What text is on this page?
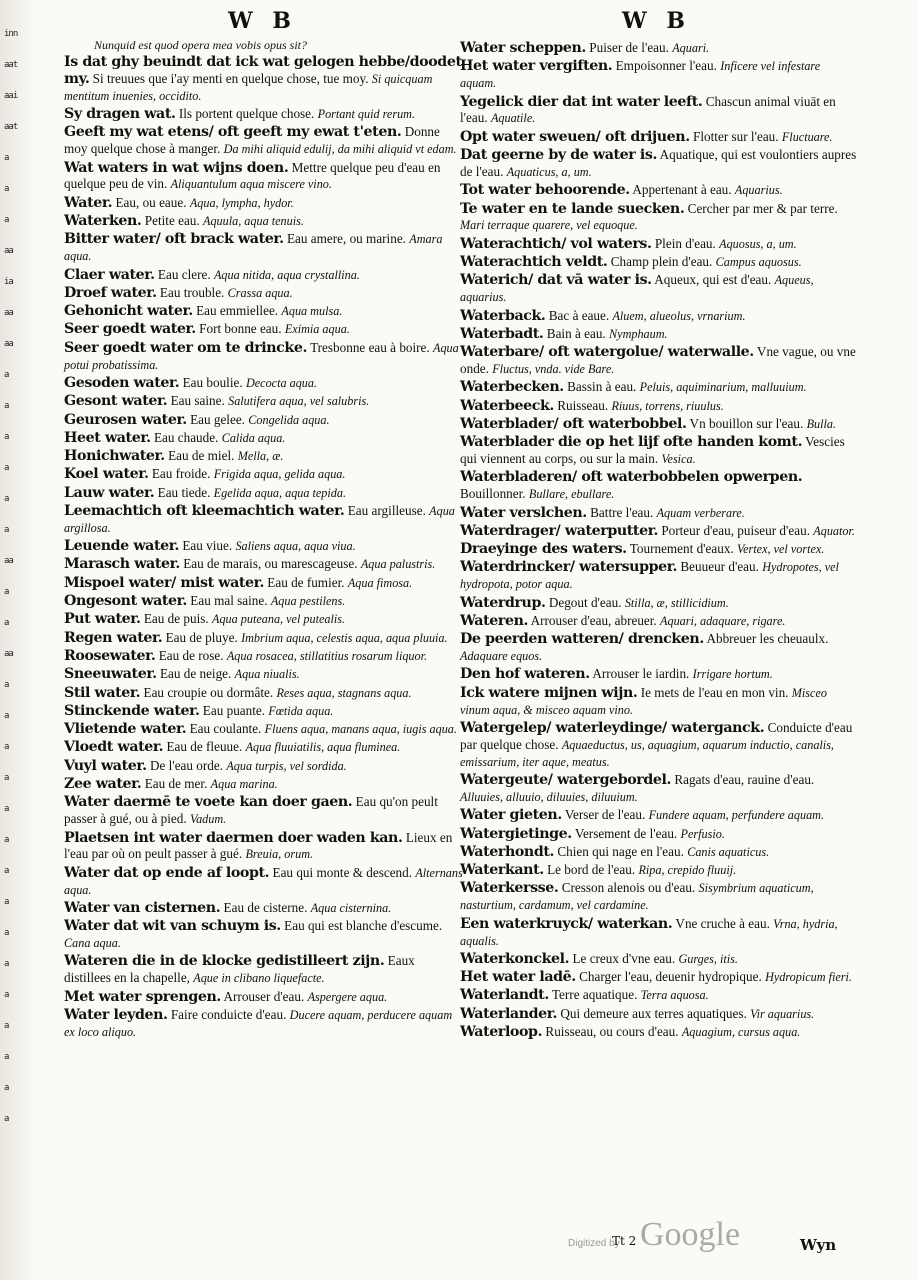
inn
aat
aai
aat
a
a
a
aa
ia
aa
aa
a
a
a
a
a
a
aa
a
a
aa
a
a
a
a
a
a
a
a
a
a
a
a
a
a
a
W B	W B
Nunquid est quod opera mea vobis opus sit?

Is dat ghy beuindt dat ick wat gelogen hebbe/doodet my. Si treuues que i'ay menti en quelque chose, tue moy. Si quicquam mentitum inuenies, occidito.

Sy dragen wat. Ils portent quelque chose. Portant quid rerum.

Geeft my wat etens/ oft geeft my ewat t'eten. Donne moy quelque chose à manger. Da mihi aliquid edulij, da mihi aliquid vt edam.

Wat waters in wat wijns doen. Mettre quelque peu d'eau en quelque peu de vin. Aliquantulum aqua miscere vino.

Water. Eau, ou eaue. Aqua, lympha, hydor.

Waterken. Petite eau. Aquula, aqua tenuis.

Bitter water/ oft brack water. Eau amere, ou marine. Amara aqua.

Claer water. Eau clere. Aqua nitida, aqua crystallina.

Droef water. Eau trouble. Crassa aqua.

Gehonicht water. Eau emmiellee. Aqua mulsa.

Seer goedt water. Fort bonne eau. Eximia aqua.

Seer goedt water om te drincke. Tresbonne eau à boire. Aqua potui probatissima.

Gesoden water. Eau boulie. Decocta aqua.

Gesont water. Eau saine. Salutifera aqua, vel salubris.

Geurosen water. Eau gelee. Congelida aqua.

Heet water. Eau chaude. Calida aqua.

Honichwater. Eau de miel. Mella, æ.

Koel water. Eau froide. Frigida aqua, gelida aqua.

Lauw water. Eau tiede. Egelida aqua, aqua tepida.

Leemachtich oft kleemachtich water. Eau argilleuse. Aqua argillosa.

Leuende water. Eau viue. Saliens aqua, aqua viua.

Marasch water. Eau de marais, ou marescageuse. Aqua palustris.

Mispoel water/ mist water. Eau de fumier. Aqua fimosa.

Ongesont water. Eau mal saine. Aqua pestilens.

Put water. Eau de puis. Aqua puteana, vel putealis.

Regen water. Eau de pluye. Imbrium aqua, celestis aqua, aqua pluuia.

Roosewater. Eau de rose. Aqua rosacea, stillatitius rosarum liquor.

Sneeuwater. Eau de neige. Aqua niualis.

Stil water. Eau croupie ou dormâte. Reses aqua, stagnans aqua.

Stinckende water. Eau puante. Fœtida aqua.

Vlietende water. Eau coulante. Fluens aqua, manans aqua, iugis aqua.

Vloedt water. Eau de fleuue. Aqua fluuiatilis, aqua fluminea.

Vuyl water. De l'eau orde. Aqua turpis, vel sordida.

Zee water. Eau de mer. Aqua marina.

Water daermē te voete kan doer gaen. Eau qu'on peult passer à gué, ou à pied. Vadum.

Plaetsen int water daermen doer waden kan. Lieux en l'eau par où on peult passer à gué. Breuia, orum.

Water dat op ende af loopt. Eau qui monte & descend. Alternans aqua.

Water van cisternen. Eau de cisterne. Aqua cisternina.

Water dat wit van schuym is. Eau qui est blanche d'escume. Cana aqua.

Wateren die in de klocke gedistilleert zijn. Eaux distillees en la chapelle, Aque in clibano liquefacte.

Met water sprengen. Arrouser d'eau. Aspergere aqua.

Water leyden. Faire conduicte d'eau. Ducere aquam, perducere aquam ex loco aliquo.

Water scheppen. Puiser de l'eau. Aquari.

Het water vergiften. Empoisonner l'eau. Inficere vel infestare aquam.

Yegelick dier dat int water leeft. Chascun animal viuāt en l'eau. Aquatile.

Opt water sweuen/ oft drijuen. Flotter sur l'eau. Fluctuare.

Dat geerne by de water is. Aquatique, qui est voulontiers aupres de l'eau. Aquaticus, a, um.

Tot water behoorende. Appertenant à eau. Aquarius.

Te water en te lande suecken. Cercher par mer & par terre. Mari terraque quarere, vel equoque.

Waterachtich/ vol waters. Plein d'eau. Aquosus, a, um.

Waterachtich veldt. Champ plein d'eau. Campus aquosus.

Waterich/ dat vā water is. Aqueux, qui est d'eau. Aqueus, aquarius.

Waterback. Bac à eaue. Aluem, alueolus, vrnarium.

Waterbadt. Bain à eau. Nymphaum.

Waterbare/ oft watergolue/ waterwalle. Vne vague, ou vne onde. Fluctus, vnda. vide Bare.

Waterbecken. Bassin à eau. Peluis, aquiminarium, malluuium.

Waterbeeck. Ruisseau. Riuus, torrens, riuulus.

Waterblader/ oft waterbobbel. Vn bouillon sur l'eau. Bulla.

Waterblader die op het lijf ofte handen komt. Vescies qui viennent au corps, ou sur la main. Vesica.

Waterbladeren/ oft waterbobbelen opwerpen. Bouillonner. Bullare, ebullare.

Water verslchen. Battre l'eau. Aquam verberare.

Waterdrager/ waterputter. Porteur d'eau, puiseur d'eau. Aquator.

Draeyinge des waters. Tournement d'eaux. Vertex, vel vortex.

Waterdrincker/ watersupper. Beuueur d'eau. Hydropotes, vel hydropota, potor aqua.

Waterdrup. Degout d'eau. Stilla, æ, stillicidium.

Wateren. Arrouser d'eau, abreuer. Aquari, adaquare, rigare.

De peerden watteren/ drencken. Abbreuer les cheuaulx. Adaquare equos.

Den hof wateren. Arrouser le iardin. Irrigare hortum.

Ick watere mijnen wijn. Ie mets de l'eau en mon vin. Misceo vinum aqua, & misceo aquam vino.

Watergelep/ waterleydinge/ waterganck. Conduicte d'eau par quelque chose. Aquaeductus, us, aquagium, aquarum inductio, canalis, emissarium, iter aque, meatus.

Watergeute/ watergebordel. Ragats d'eau, rauine d'eau. Alluuies, alluuio, diluuies, diluuium.

Water gieten. Verser de l'eau. Fundere aquam, perfundere aquam.

Watergietinge. Versement de l'eau. Perfusio.

Waterhondt. Chien qui nage en l'eau. Canis aquaticus.

Waterkant. Le bord de l'eau. Ripa, crepido fluuij.

Waterkersse. Cresson alenois ou d'eau. Sisymbrium aquaticum, nasturtium, cardamum, vel cardamine.

Een waterkruyck/ waterkan. Vne cruche à eau. Vrna, hydria, aqualis.

Waterkonckel. Le creux d'vne eau. Gurges, itis.

Het water ladē. Charger l'eau, deuenir hydropique. Hydropicum fieri.

Waterlandt. Terre aquatique. Terra aquosa.

Waterlander. Qui demeure aux terres aquatiques. Vir aquarius.

Waterloop. Ruisseau, ou cours d'eau. Aquagium, cursus aqua.

Digitized by Google
Tt 2	Wyn
